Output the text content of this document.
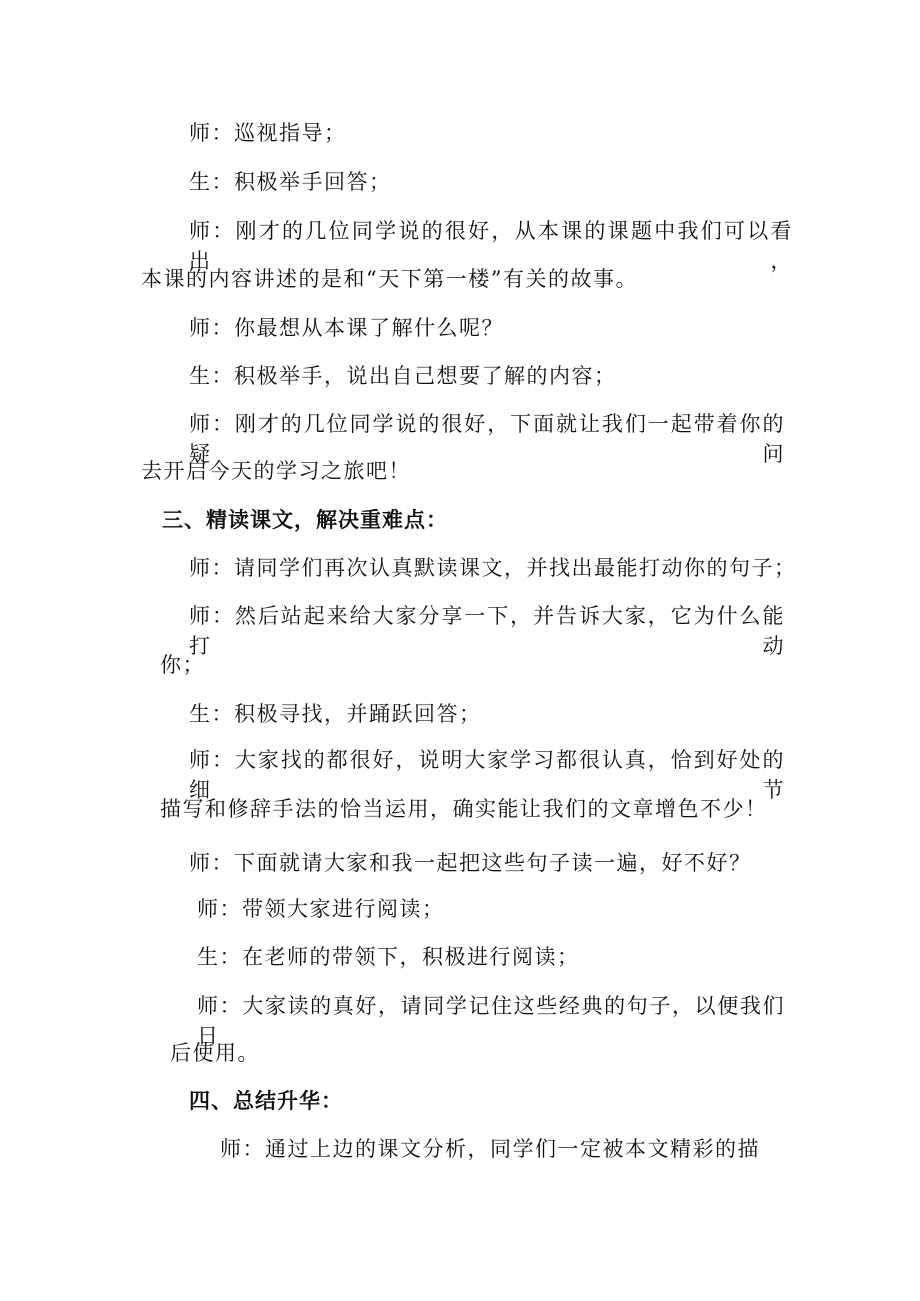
师：巡视指导；
生：积极举手回答；
师：刚才的几位同学说的很好，从本课的课题中我们可以看出，
本课的内容讲述的是和“天下第一楼”有关的故事。
师：你最想从本课了解什么呢？
生：积极举手，说出自己想要了解的内容；
师：刚才的几位同学说的很好，下面就让我们一起带着你的疑问
去开启今天的学习之旅吧！
三、精读课文，解决重难点：
师：请同学们再次认真默读课文，并找出最能打动你的句子；
师：然后站起来给大家分享一下，并告诉大家，它为什么能打动
你；
生：积极寻找，并踊跃回答；
师：大家找的都很好，说明大家学习都很认真，恰到好处的细节
描写和修辞手法的恰当运用，确实能让我们的文章增色不少！
师：下面就请大家和我一起把这些句子读一遍，好不好？
师：带领大家进行阅读；
生：在老师的带领下，积极进行阅读；
师：大家读的真好，请同学记住这些经典的句子，以便我们日
后使用。
四、总结升华：
师：通过上边的课文分析，同学们一定被本文精彩的描
